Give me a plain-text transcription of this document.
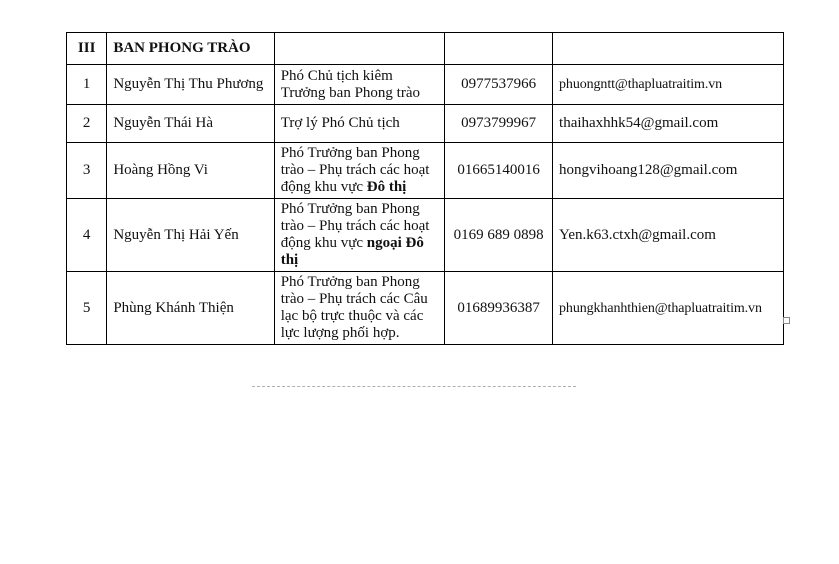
III	BAN PHONG TRÀO			
1	Nguyễn Thị Thu Phương	Phó Chủ tịch kiêm Trưởng ban Phong trào	0977537966	phuongntt@thapluatraitim.vn
2	Nguyễn Thái Hà	Trợ lý Phó Chủ tịch	0973799967	thaihaxhhk54@gmail.com
3	Hoàng Hồng Vi	Phó Trưởng ban Phong trào – Phụ trách các hoạt động khu vực Đô thị	01665140016	hongvihoang128@gmail.com
4	Nguyễn Thị Hải Yến	Phó Trưởng ban Phong trào – Phụ trách các hoạt động khu vực ngoại Đô thị	0169 689 0898	Yen.k63.ctxh@gmail.com
5	Phùng Khánh Thiện	Phó Trưởng ban Phong trào – Phụ trách các Câu lạc bộ trực thuộc và các lực lượng phối hợp.	01689936387	phungkhanhthien@thapluatraitim.vn
